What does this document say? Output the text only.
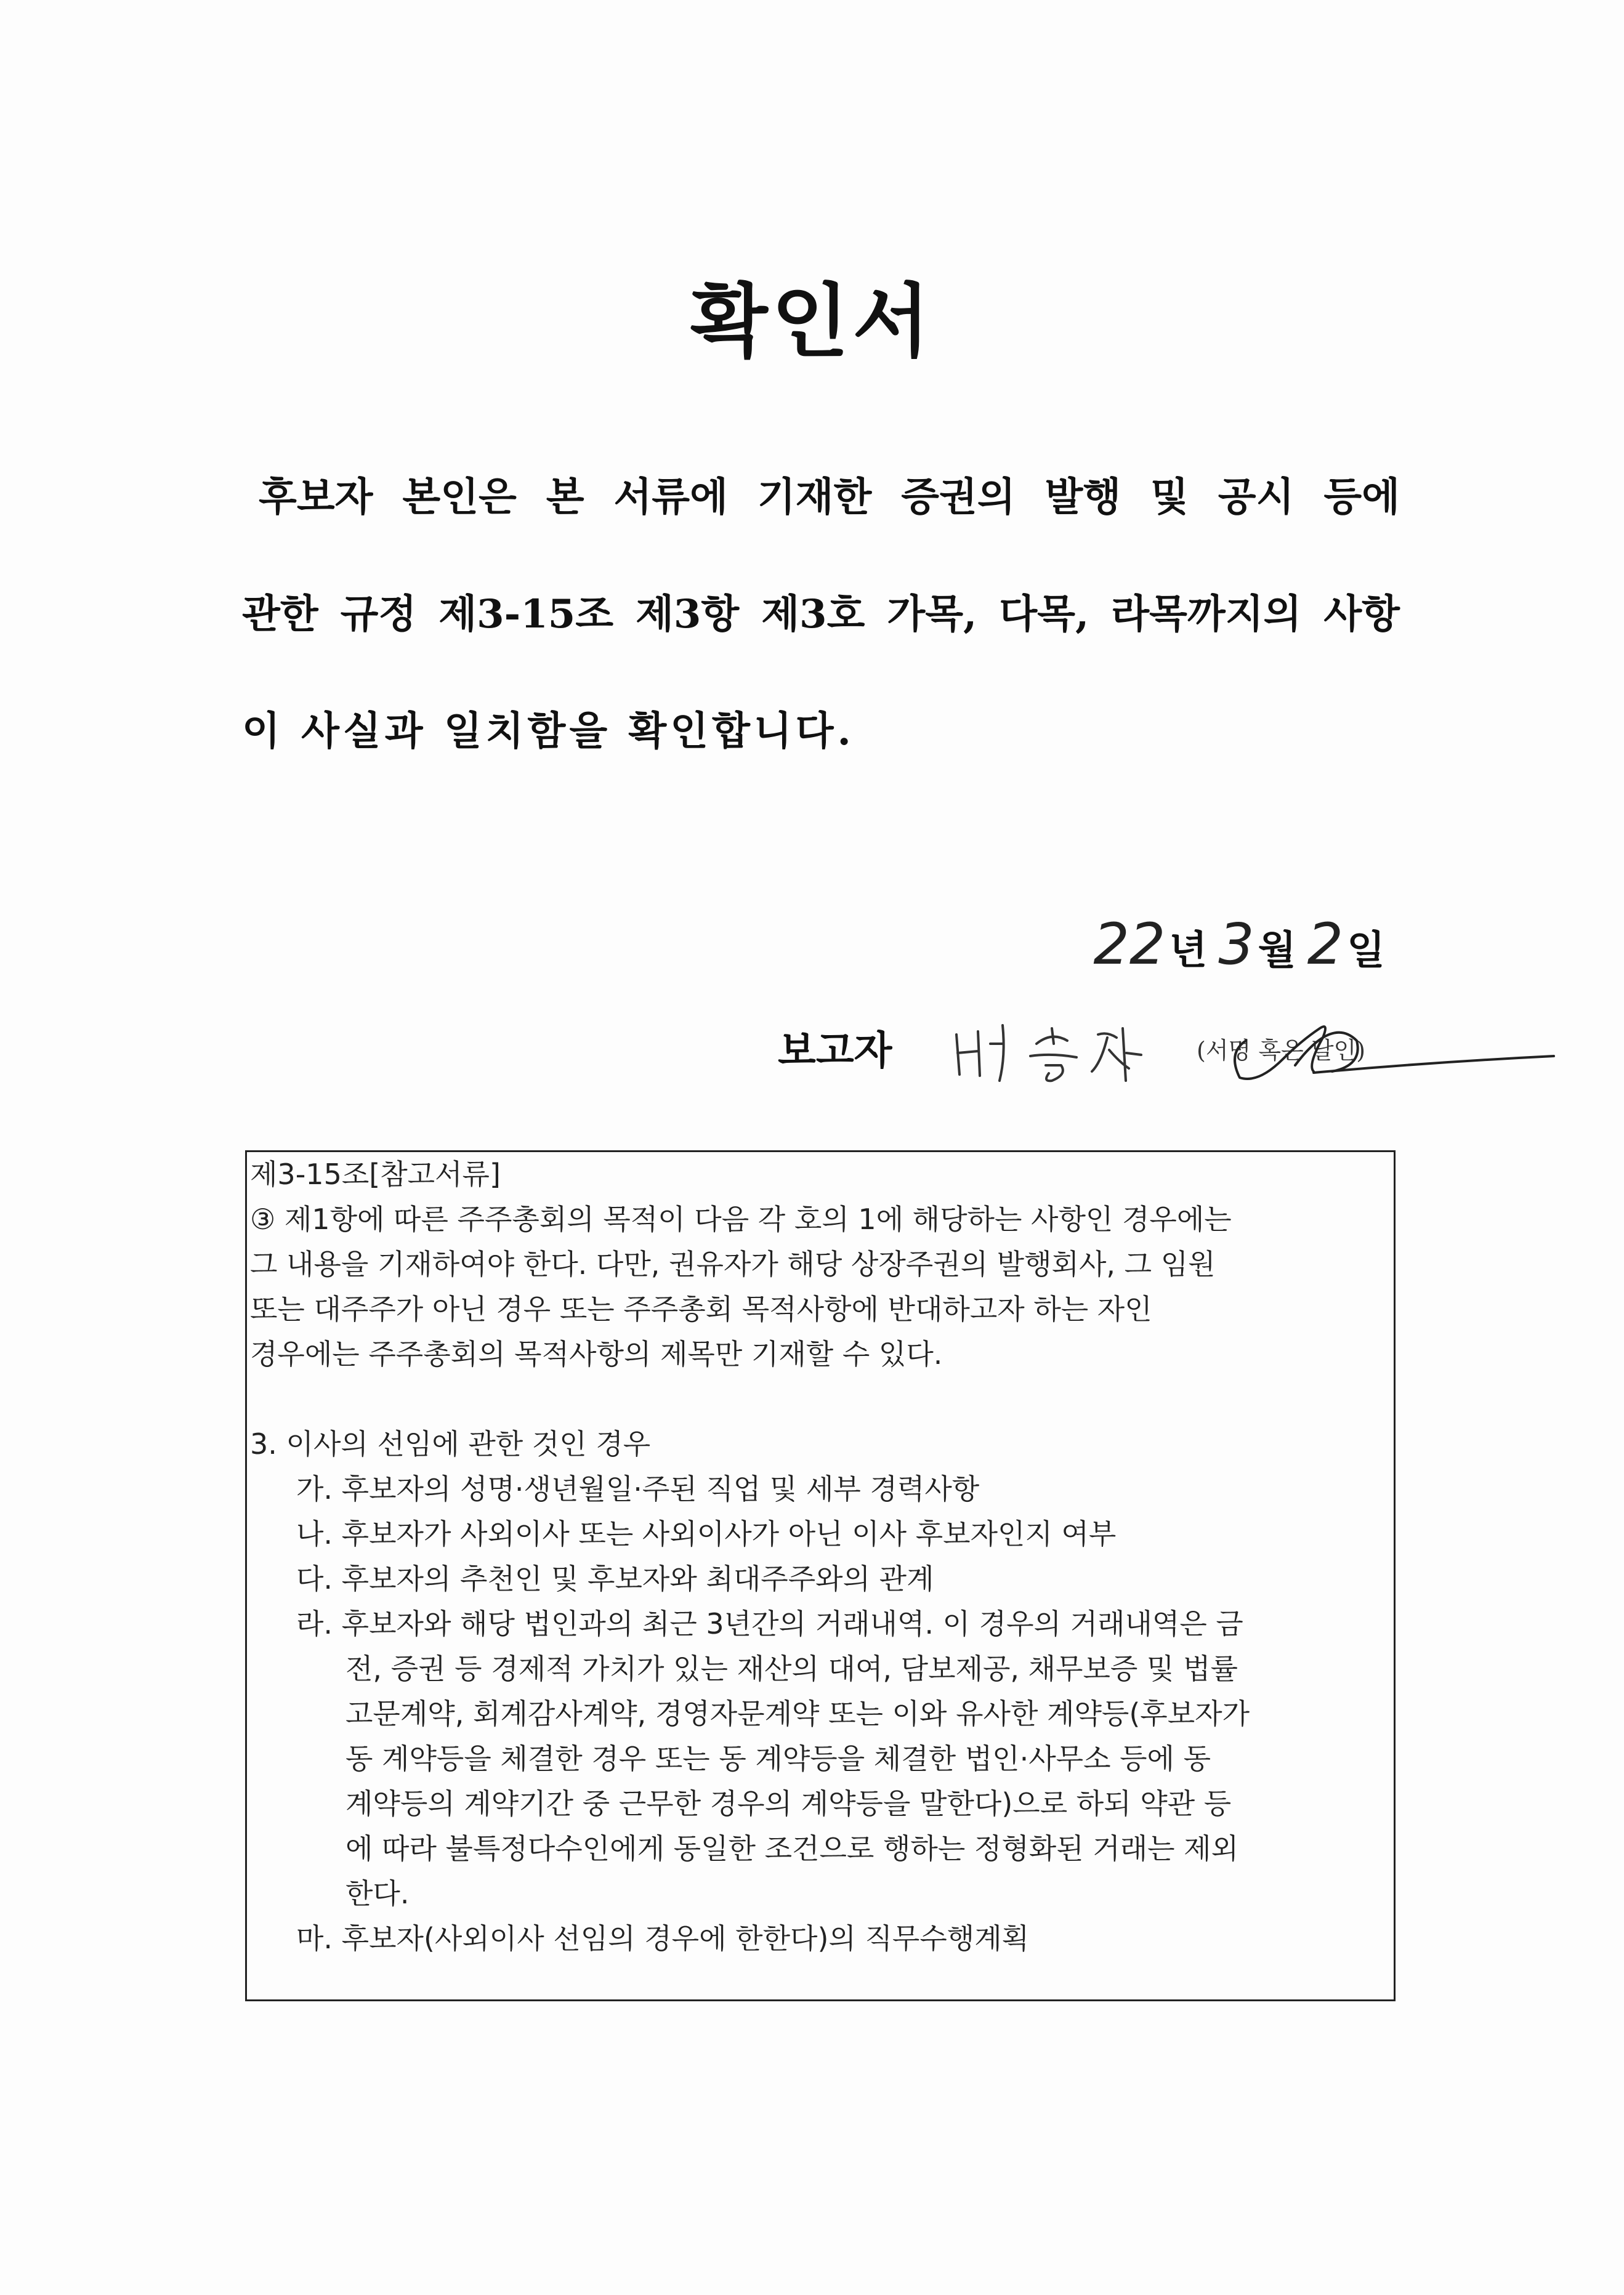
확인서
후보자 본인은 본 서류에 기재한 증권의 발행 및 공시 등에
관한 규정 제3-15조 제3항 제3호 가목, 다목, 라목까지의 사항
이 사실과 일치함을 확인합니다.
22년 3월 2일
보고자	(서명 혹은 날인)
제3-15조[참고서류]
③ 제1항에 따른 주주총회의 목적이 다음 각 호의 1에 해당하는 사항인 경우에는
그 내용을 기재하여야 한다. 다만, 권유자가 해당 상장주권의 발행회사, 그 임원
또는 대주주가 아닌 경우 또는 주주총회 목적사항에 반대하고자 하는 자인
경우에는 주주총회의 목적사항의 제목만 기재할 수 있다.
3. 이사의 선임에 관한 것인 경우
가. 후보자의 성명·생년월일·주된 직업 및 세부 경력사항
나. 후보자가 사외이사 또는 사외이사가 아닌 이사 후보자인지 여부
다. 후보자의 추천인 및 후보자와 최대주주와의 관계
라. 후보자와 해당 법인과의 최근 3년간의 거래내역. 이 경우의 거래내역은 금
전, 증권 등 경제적 가치가 있는 재산의 대여, 담보제공, 채무보증 및 법률
고문계약, 회계감사계약, 경영자문계약 또는 이와 유사한 계약등(후보자가
동 계약등을 체결한 경우 또는 동 계약등을 체결한 법인·사무소 등에 동
계약등의 계약기간 중 근무한 경우의 계약등을 말한다)으로 하되 약관 등
에 따라 불특정다수인에게 동일한 조건으로 행하는 정형화된 거래는 제외
한다.
마. 후보자(사외이사 선임의 경우에 한한다)의 직무수행계획
